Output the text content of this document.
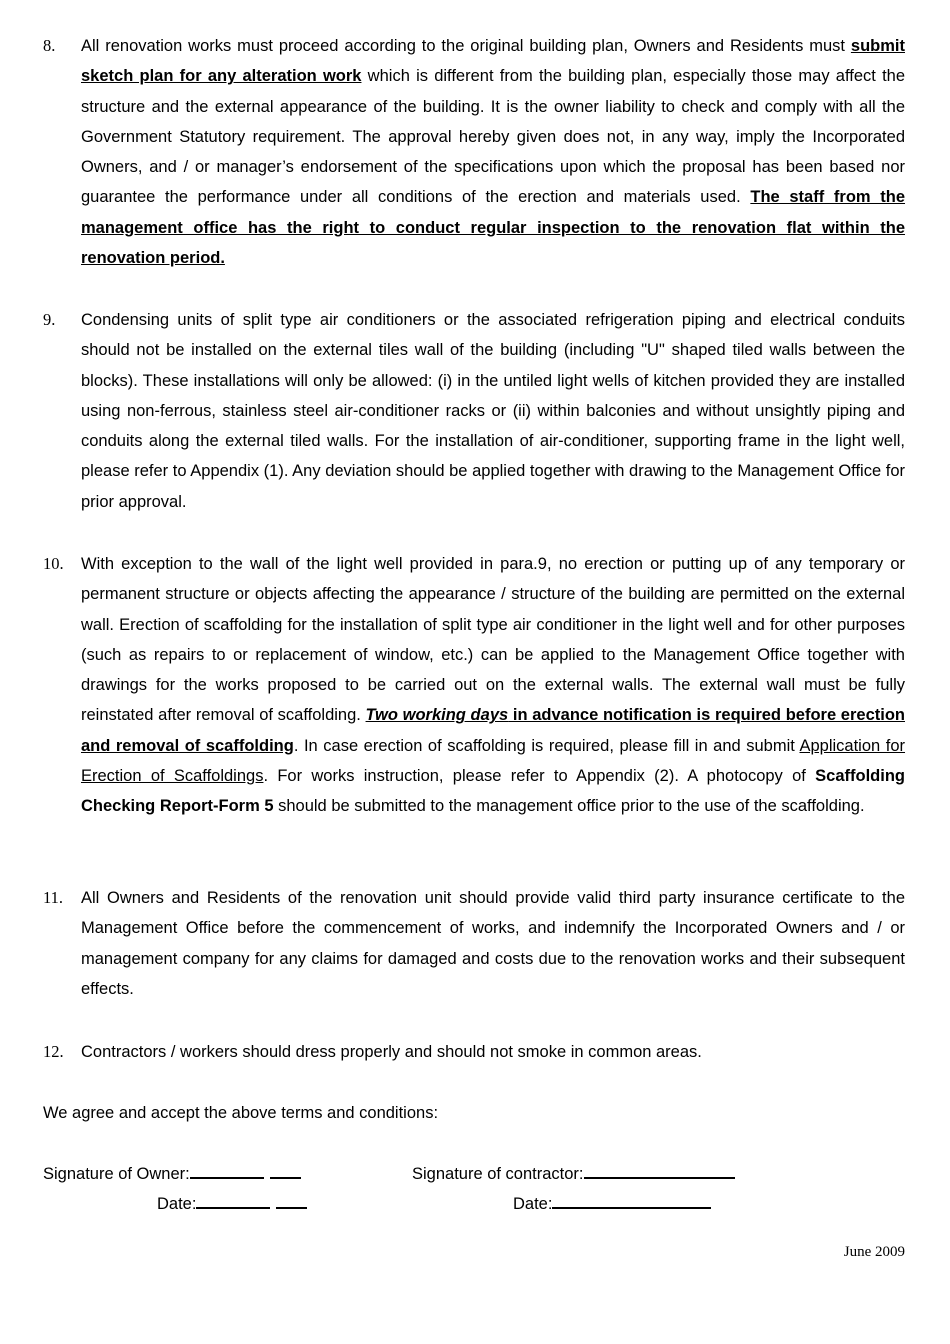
8.	All renovation works must proceed according to the original building plan, Owners and Residents must submit sketch plan for any alteration work which is different from the building plan, especially those may affect the structure and the external appearance of the building. It is the owner liability to check and comply with all the Government Statutory requirement. The approval hereby given does not, in any way, imply the Incorporated Owners, and / or manager’s endorsement of the specifications upon which the proposal has been based nor guarantee the performance under all conditions of the erection and materials used. The staff from the management office has the right to conduct regular inspection to the renovation flat within the renovation period.
9.	Condensing units of split type air conditioners or the associated refrigeration piping and electrical conduits should not be installed on the external tiles wall of the building (including "U" shaped tiled walls between the blocks). These installations will only be allowed: (i) in the untiled light wells of kitchen provided they are installed using non-ferrous, stainless steel air-conditioner racks or (ii) within balconies and without unsightly piping and conduits along the external tiled walls. For the installation of air-conditioner, supporting frame in the light well, please refer to Appendix (1). Any deviation should be applied together with drawing to the Management Office for prior approval.
10.	With exception to the wall of the light well provided in para.9, no erection or putting up of any temporary or permanent structure or objects affecting the appearance / structure of the building are permitted on the external wall. Erection of scaffolding for the installation of split type air conditioner in the light well and for other purposes (such as repairs to or replacement of window, etc.) can be applied to the Management Office together with drawings for the works proposed to be carried out on the external walls. The external wall must be fully reinstated after removal of scaffolding. Two working days in advance notification is required before erection and removal of scaffolding. In case erection of scaffolding is required, please fill in and submit Application for Erection of Scaffoldings. For works instruction, please refer to Appendix (2). A photocopy of Scaffolding Checking Report-Form 5 should be submitted to the management office prior to the use of the scaffolding.
11.	All Owners and Residents of the renovation unit should provide valid third party insurance certificate to the Management Office before the commencement of works, and indemnify the Incorporated Owners and / or management company for any claims for damaged and costs due to the renovation works and their subsequent effects.
12.	Contractors / workers should dress properly and should not smoke in common areas.
We agree and accept the above terms and conditions:
Signature of Owner:	Signature of contractor:
Date:	Date:
June 2009
